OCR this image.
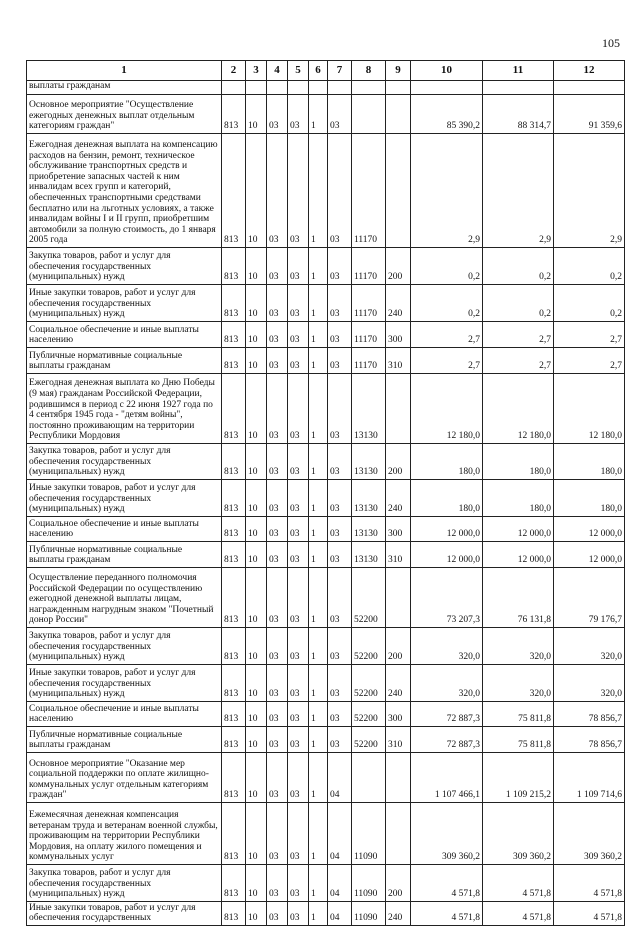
105
1	2	3	4	5	6	7	8	9	10	11	12
выплаты гражданам											
Основное мероприятие "Осуществление ежегодных денежных выплат отдельным категориям граждан"	813	10	03	03	1	03			85 390,2	88 314,7	91 359,6
Ежегодная денежная выплата на компенсацию расходов на бензин, ремонт, техническое обслуживание транспортных средств и приобретение запасных частей к ним инвалидам всех групп и категорий, обеспеченных транспортными средствами бесплатно или на льготных условиях, а также инвалидам войны I и II групп, приобретшим автомобили за полную стоимость, до 1 января 2005 года	813	10	03	03	1	03	11170		2,9	2,9	2,9
Закупка товаров, работ и услуг для обеспечения государственных (муниципальных) нужд	813	10	03	03	1	03	11170	200	0,2	0,2	0,2
Иные закупки товаров, работ и услуг для обеспечения государственных (муниципальных) нужд	813	10	03	03	1	03	11170	240	0,2	0,2	0,2
Социальное обеспечение и иные выплаты населению	813	10	03	03	1	03	11170	300	2,7	2,7	2,7
Публичные нормативные социальные выплаты гражданам	813	10	03	03	1	03	11170	310	2,7	2,7	2,7
Ежегодная денежная выплата ко Дню Победы (9 мая) гражданам Российской Федерации, родившимся в период с 22 июня 1927 года по 4 сентября 1945 года - "детям войны", постоянно проживающим на территории Республики Мордовия	813	10	03	03	1	03	13130		12 180,0	12 180,0	12 180,0
Закупка товаров, работ и услуг для обеспечения государственных (муниципальных) нужд	813	10	03	03	1	03	13130	200	180,0	180,0	180,0
Иные закупки товаров, работ и услуг для обеспечения государственных (муниципальных) нужд	813	10	03	03	1	03	13130	240	180,0	180,0	180,0
Социальное обеспечение и иные выплаты населению	813	10	03	03	1	03	13130	300	12 000,0	12 000,0	12 000,0
Публичные нормативные социальные выплаты гражданам	813	10	03	03	1	03	13130	310	12 000,0	12 000,0	12 000,0
Осуществление переданного полномочия Российской Федерации по осуществлению ежегодной денежной выплаты лицам, награжденным нагрудным знаком "Почетный донор России"	813	10	03	03	1	03	52200		73 207,3	76 131,8	79 176,7
Закупка товаров, работ и услуг для обеспечения государственных (муниципальных) нужд	813	10	03	03	1	03	52200	200	320,0	320,0	320,0
Иные закупки товаров, работ и услуг для обеспечения государственных (муниципальных) нужд	813	10	03	03	1	03	52200	240	320,0	320,0	320,0
Социальное обеспечение и иные выплаты населению	813	10	03	03	1	03	52200	300	72 887,3	75 811,8	78 856,7
Публичные нормативные социальные выплаты гражданам	813	10	03	03	1	03	52200	310	72 887,3	75 811,8	78 856,7
Основное мероприятие "Оказание мер социальной поддержки по оплате жилищно-коммунальных услуг отдельным категориям граждан"	813	10	03	03	1	04			1 107 466,1	1 109 215,2	1 109 714,6
Ежемесячная денежная компенсация ветеранам труда и ветеранам военной службы, проживающим на территории Республики Мордовия, на оплату жилого помещения и коммунальных услуг	813	10	03	03	1	04	11090		309 360,2	309 360,2	309 360,2
Закупка товаров, работ и услуг для обеспечения государственных (муниципальных) нужд	813	10	03	03	1	04	11090	200	4 571,8	4 571,8	4 571,8
Иные закупки товаров, работ и услуг для обеспечения государственных	813	10	03	03	1	04	11090	240	4 571,8	4 571,8	4 571,8
